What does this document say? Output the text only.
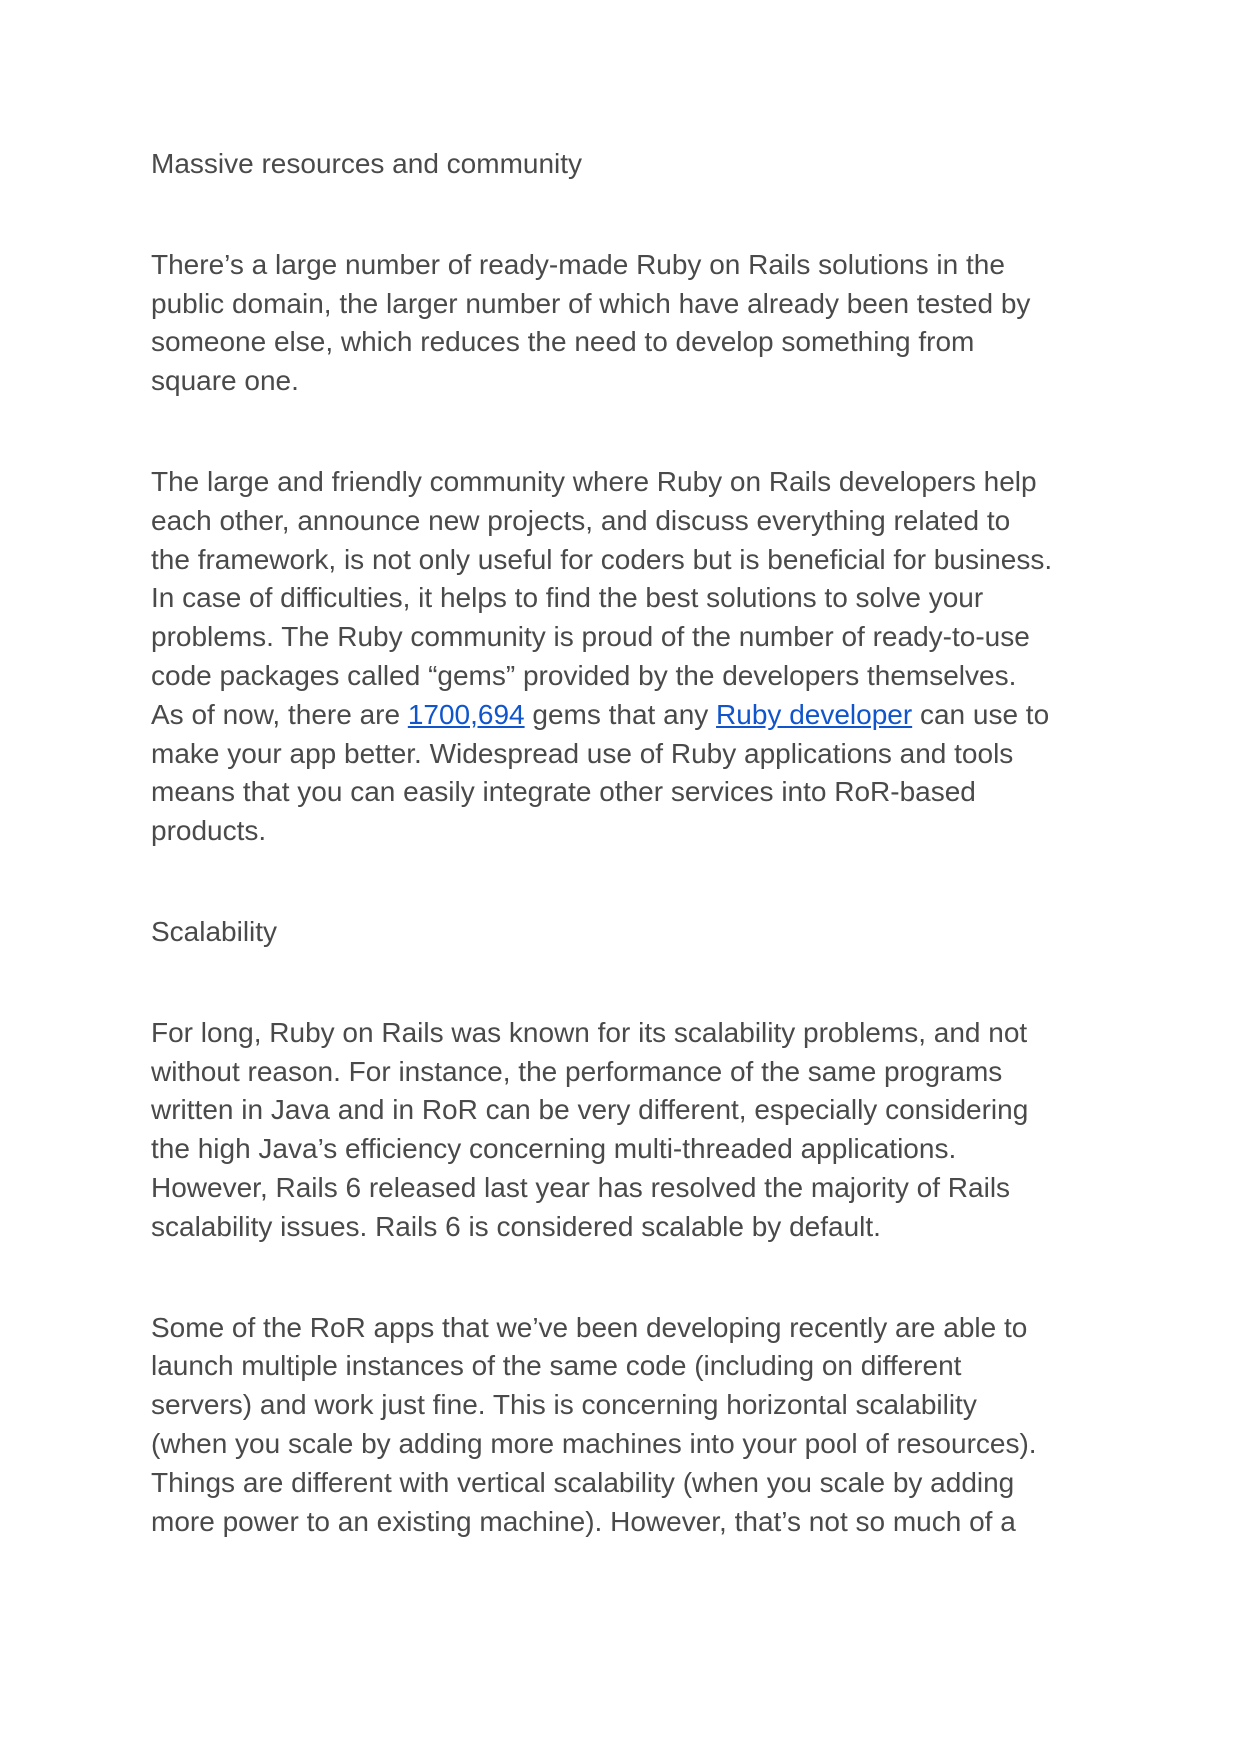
Massive resources and community

There’s a large number of ready-made Ruby on Rails solutions in the
public domain, the larger number of which have already been tested by
someone else, which reduces the need to develop something from
square one.

The large and friendly community where Ruby on Rails developers help
each other, announce new projects, and discuss everything related to
the framework, is not only useful for coders but is beneficial for business.
In case of difficulties, it helps to find the best solutions to solve your
problems. The Ruby community is proud of the number of ready-to-use
code packages called “gems” provided by the developers themselves.
As of now, there are 1700,694 gems that any Ruby developer can use to
make your app better. Widespread use of Ruby applications and tools
means that you can easily integrate other services into RoR-based
products.

Scalability

For long, Ruby on Rails was known for its scalability problems, and not
without reason. For instance, the performance of the same programs
written in Java and in RoR can be very different, especially considering
the high Java’s efficiency concerning multi-threaded applications.
However, Rails 6 released last year has resolved the majority of Rails
scalability issues. Rails 6 is considered scalable by default.

Some of the RoR apps that we’ve been developing recently are able to
launch multiple instances of the same code (including on different
servers) and work just fine. This is concerning horizontal scalability
(when you scale by adding more machines into your pool of resources).
Things are different with vertical scalability (when you scale by adding
more power to an existing machine). However, that’s not so much of a
